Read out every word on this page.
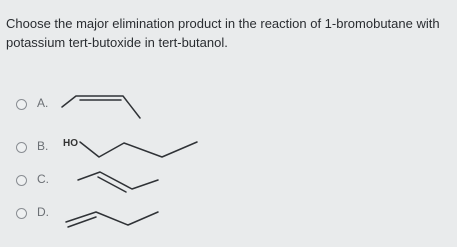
Choose the major elimination product in the reaction of 1-bromobutane with potassium tert-butoxide in tert-butanol.
A.
B. HO
C.
D.
